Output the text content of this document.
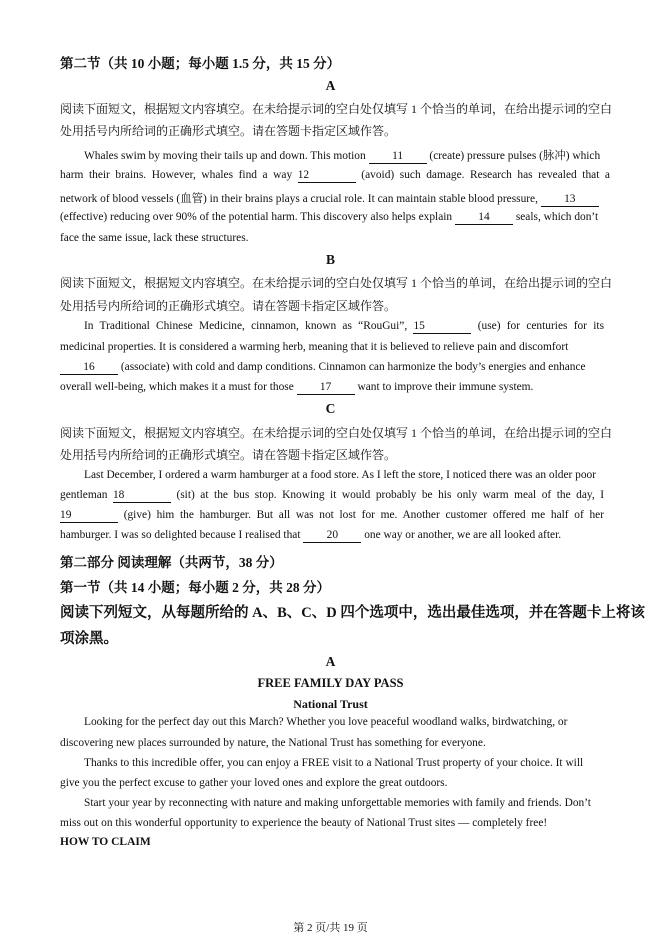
第二节（共 10 小题；每小题 1.5 分，共 15 分）
A
阅读下面短文，根据短文内容填空。在未给提示词的空白处仅填写 1 个恰当的单词，在给出提示词的空白
处用括号内所给词的正确形式填空。请在答题卡指定区域作答。
Whales swim by moving their tails up and down. This motion 11 (create) pressure pulses (脉冲) which
harm their brains. However, whales find a way 12	(avoid) such damage. Research has revealed that a
network of blood vessels (血管) in their brains plays a crucial role. It can maintain stable blood pressure, 13
(effective) reducing over 90% of the potential harm. This discovery also helps explain 14 seals, which don’t
face the same issue, lack these structures.
B
阅读下面短文，根据短文内容填空。在未给提示词的空白处仅填写 1 个恰当的单词，在给出提示词的空白
处用括号内所给词的正确形式填空。请在答题卡指定区域作答。
In Traditional Chinese Medicine, cinnamon, known as “RouGui”, 15	(use) for centuries for its
medicinal properties. It is considered a warming herb, meaning that it is believed to relieve pain and discomfort
16 (associate) with cold and damp conditions. Cinnamon can harmonize the body’s energies and enhance
overall well-being, which makes it a must for those 17 want to improve their immune system.
C
阅读下面短文，根据短文内容填空。在未给提示词的空白处仅填写 1 个恰当的单词，在给出提示词的空白
处用括号内所给词的正确形式填空。请在答题卡指定区域作答。
Last December, I ordered a warm hamburger at a food store. As I left the store, I noticed there was an older poor
gentleman 18	(sit) at the bus stop. Knowing it would probably be his only warm meal of the day, I
19	(give) him the hamburger. But all was not lost for me. Another customer offered me half of her
hamburger. I was so delighted because I realised that 20 one way or another, we are all looked after.
第二部分 阅读理解（共两节，38 分）
第一节（共 14 小题；每小题 2 分，共 28 分）
阅读下列短文，从每题所给的 A、B、C、D 四个选项中，选出最佳选项，并在答题卡上将该
项涂黑。
A
FREE FAMILY DAY PASS
National Trust
Looking for the perfect day out this March? Whether you love peaceful woodland walks, birdwatching, or
discovering new places surrounded by nature, the National Trust has something for everyone.
Thanks to this incredible offer, you can enjoy a FREE visit to a National Trust property of your choice. It will
give you the perfect excuse to gather your loved ones and explore the great outdoors.
Start your year by reconnecting with nature and making unforgettable memories with family and friends. Don’t
miss out on this wonderful opportunity to experience the beauty of National Trust sites — completely free!
HOW TO CLAIM
第 2 页/共 19 页
